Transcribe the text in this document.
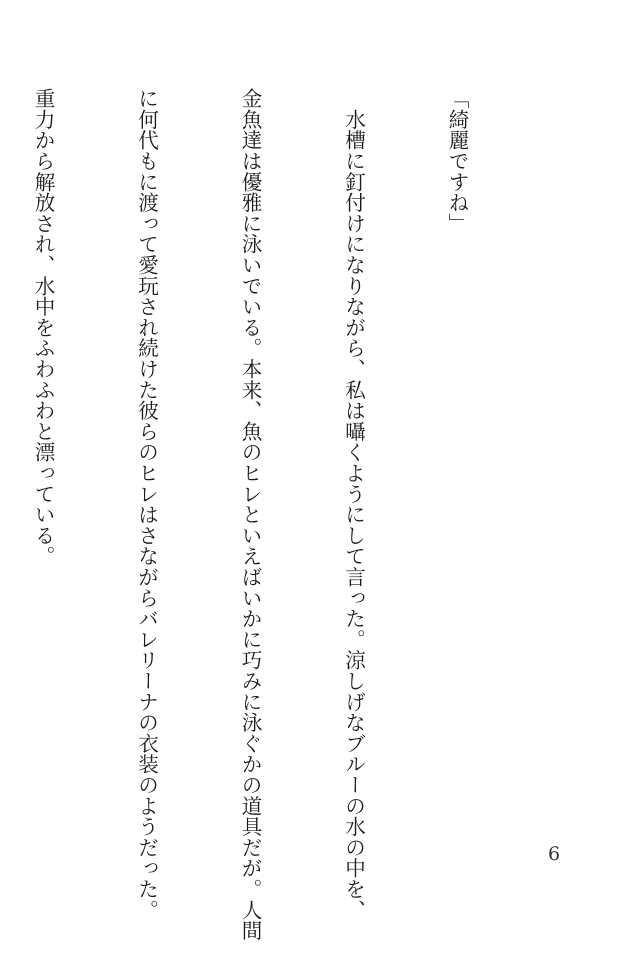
「綺麗ですね」

　水槽に釘付けになりながら、私は囁くようにして言った。涼しげなブルーの水の中を、

金魚達は優雅に泳いでいる。本来、魚のヒレといえばいかに巧みに泳ぐかの道具だが。人間

に何代もに渡って愛玩され続けた彼らのヒレはさながらバレリーナの衣装のようだった。

重力から解放され、水中をふわふわと漂っている。

6
